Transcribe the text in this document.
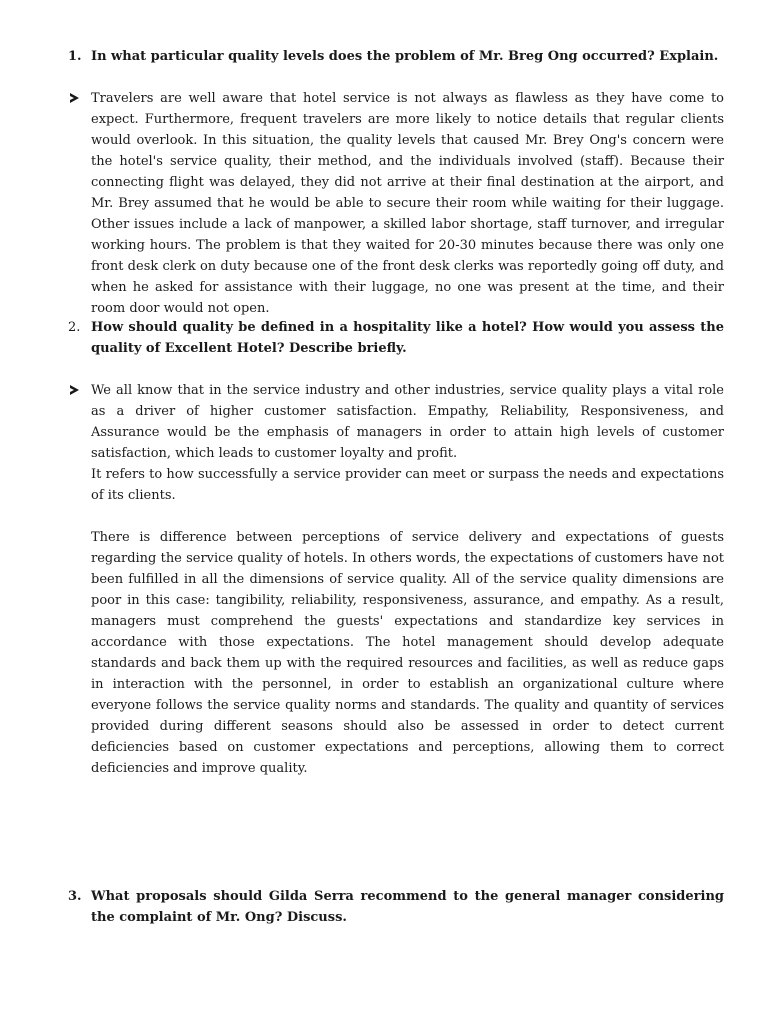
1. In what particular quality levels does the problem of Mr. Breg Ong occurred? Explain.

Travelers are well aware that hotel service is not always as flawless as they have come to expect. Furthermore, frequent travelers are more likely to notice details that regular clients would overlook. In this situation, the quality levels that caused Mr. Brey Ong's concern were the hotel's service quality, their method, and the individuals involved (staff). Because their connecting flight was delayed, they did not arrive at their final destination at the airport, and Mr. Brey assumed that he would be able to secure their room while waiting for their luggage. Other issues include a lack of manpower, a skilled labor shortage, staff turnover, and irregular working hours. The problem is that they waited for 20-30 minutes because there was only one front desk clerk on duty because one of the front desk clerks was reportedly going off duty, and when he asked for assistance with their luggage, no one was present at the time, and their room door would not open.

2. How should quality be defined in a hospitality like a hotel? How would you assess the quality of Excellent Hotel? Describe briefly.

We all know that in the service industry and other industries, service quality plays a vital role as a driver of higher customer satisfaction. Empathy, Reliability, Responsiveness, and Assurance would be the emphasis of managers in order to attain high levels of customer satisfaction, which leads to customer loyalty and profit.

It refers to how successfully a service provider can meet or surpass the needs and expectations of its clients.

There is difference between perceptions of service delivery and expectations of guests regarding the service quality of hotels. In others words, the expectations of customers have not been fulfilled in all the dimensions of service quality. All of the service quality dimensions are poor in this case: tangibility, reliability, responsiveness, assurance, and empathy. As a result, managers must comprehend the guests' expectations and standardize key services in accordance with those expectations. The hotel management should develop adequate standards and back them up with the required resources and facilities, as well as reduce gaps in interaction with the personnel, in order to establish an organizational culture where everyone follows the service quality norms and standards. The quality and quantity of services provided during different seasons should also be assessed in order to detect current deficiencies based on customer expectations and perceptions, allowing them to correct deficiencies and improve quality.

3. What proposals should Gilda Serra recommend to the general manager considering the complaint of Mr. Ong? Discuss.
